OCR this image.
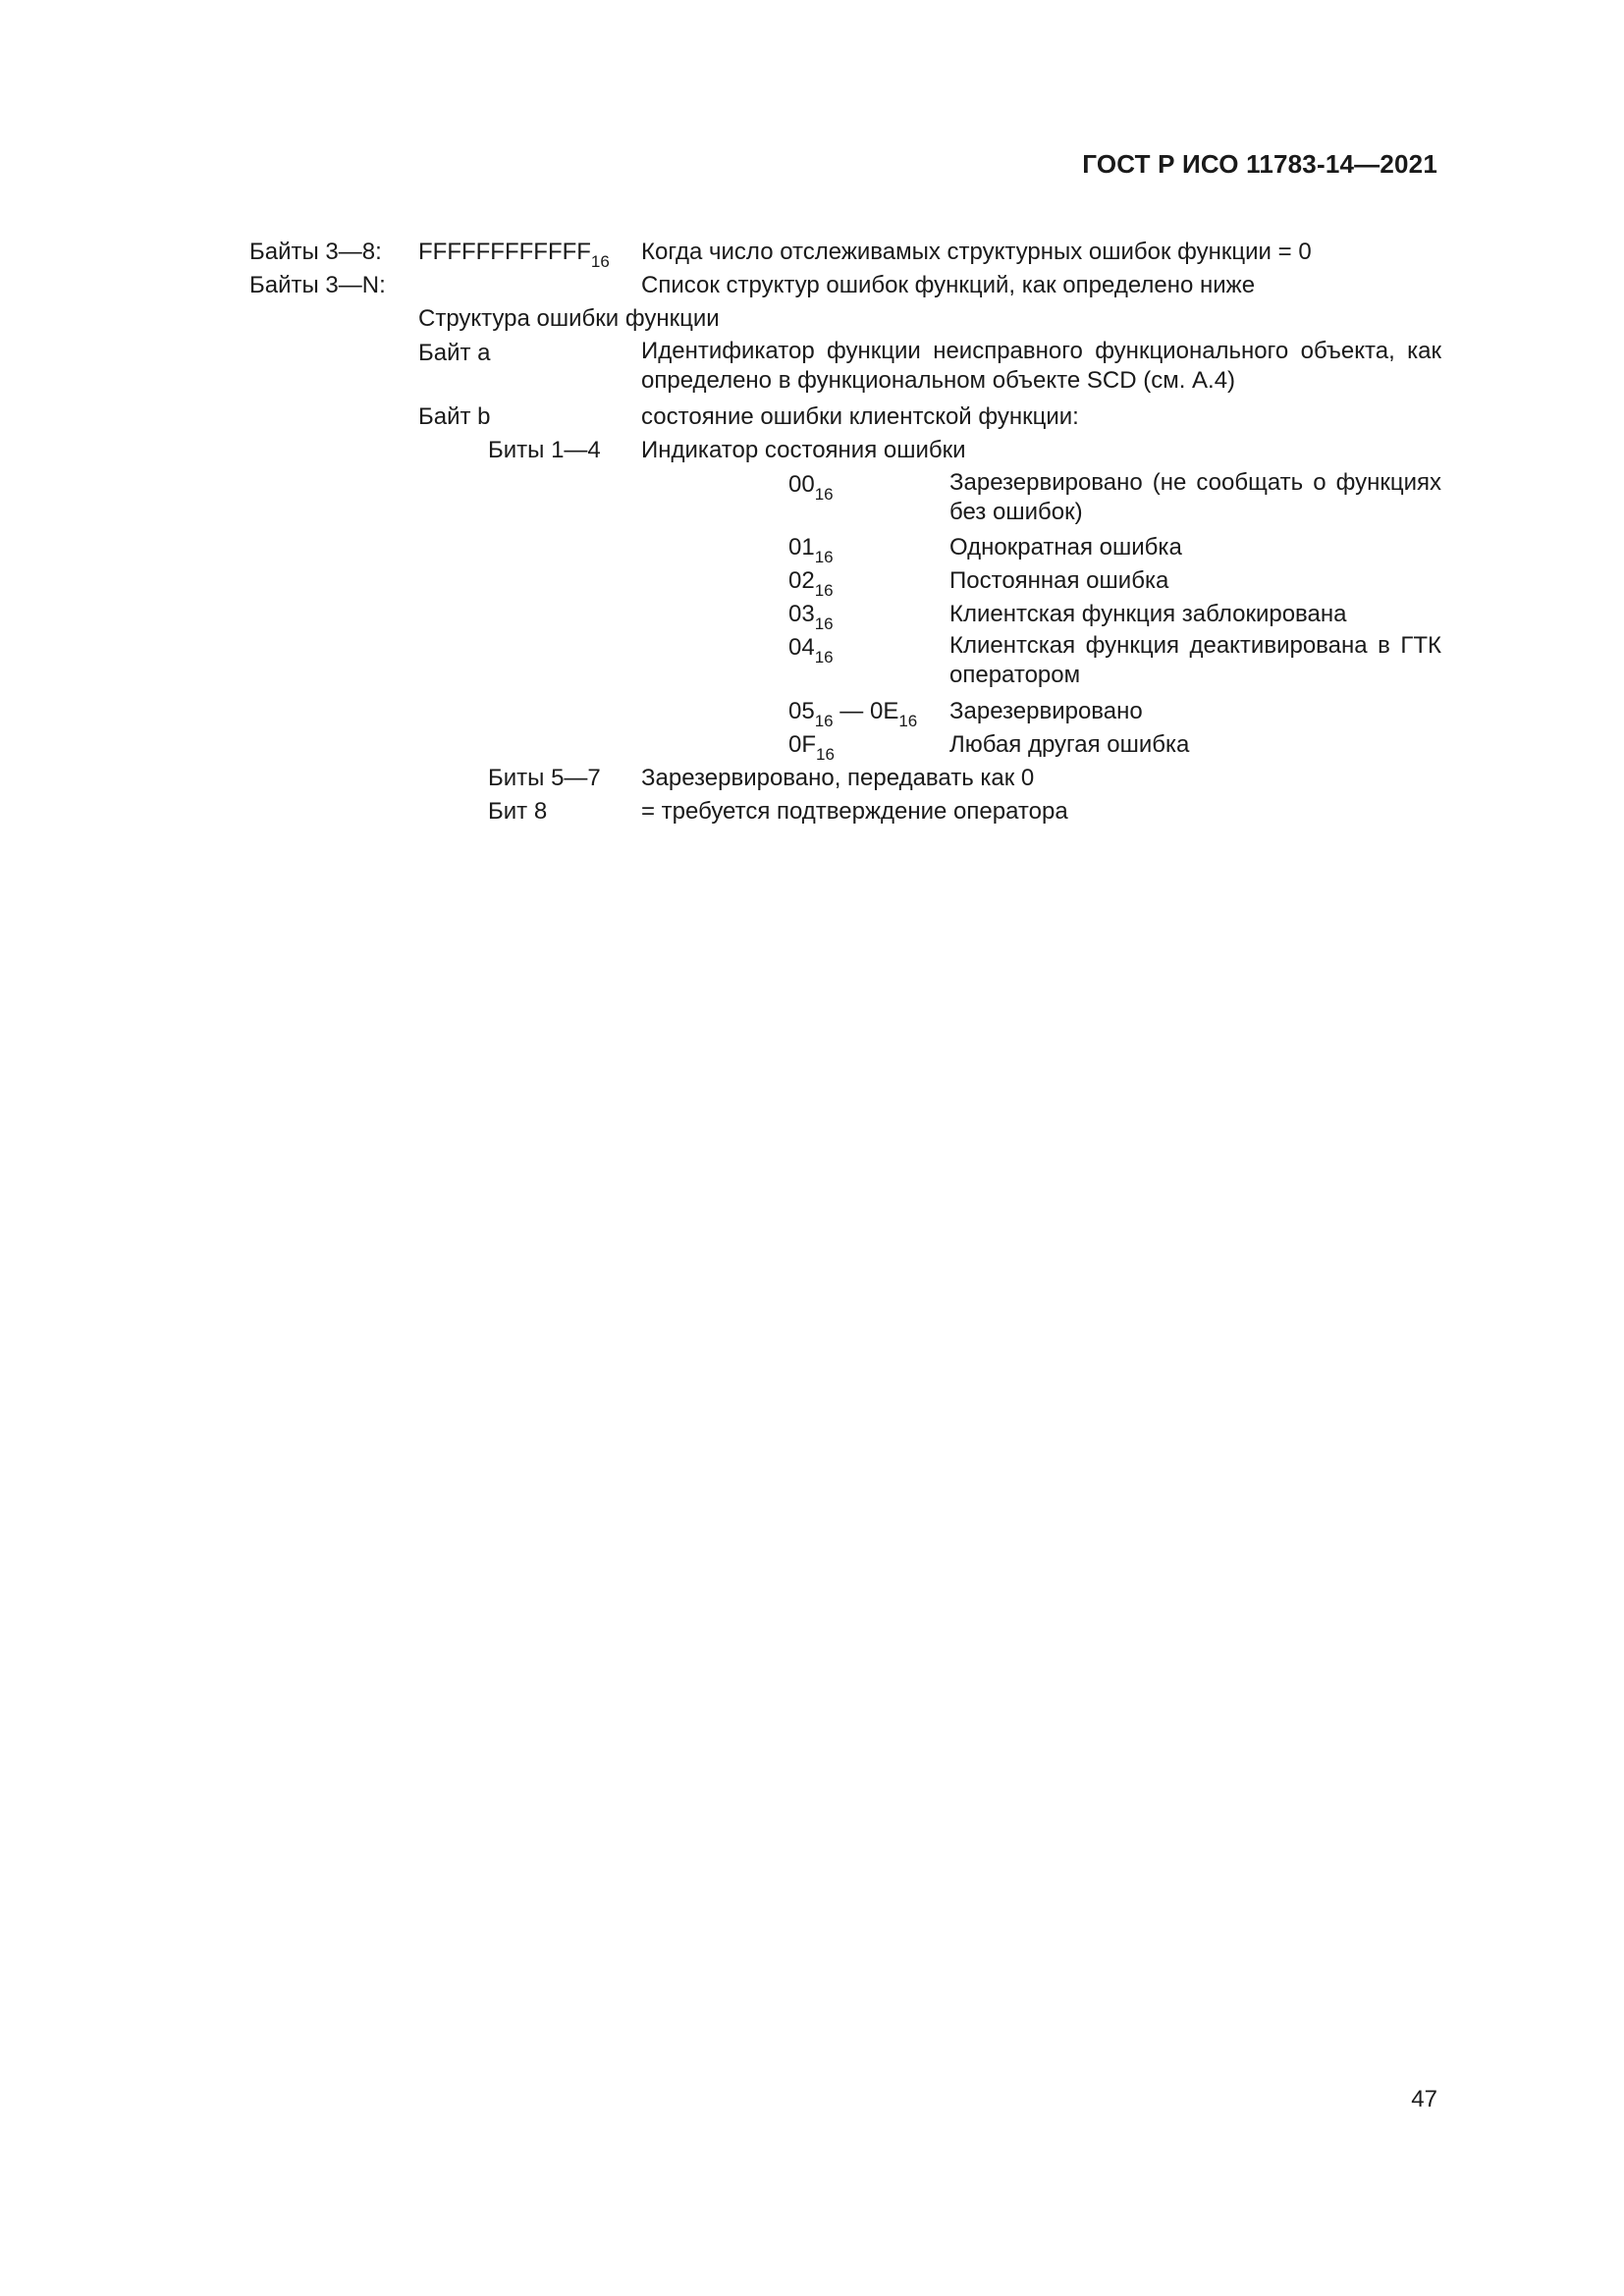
ГОСТ Р ИСО 11783-14—2021
Байты 3—8: $FFFFFFFFFFFF_{16}$ Когда число отслеживамых структурных ошибок функции = 0
Байты 3—N:	Список структур ошибок функций, как определено ниже
Структура ошибки функции
Байт a	Идентификатор функции неисправного функционального объекта, как определено в функциональном объекте SCD (см. A.4)
Байт b	состояние ошибки клиентской функции:
Биты 1—4 Индикатор состояния ошибки
$00_{16}$	Зарезервировано (не сообщать о функциях без ошибок)
$01_{16}$	Однократная ошибка
$02_{16}$	Постоянная ошибка
$03_{16}$	Клиентская функция заблокирована
$04_{16}$	Клиентская функция деактивирована в ГТК оператором
$05_{16}$ — $0E_{16}$ Зарезервировано
$0F_{16}$	Любая другая ошибка
Биты 5—7 Зарезервировано, передавать как 0
Бит 8	= требуется подтверждение оператора
47
